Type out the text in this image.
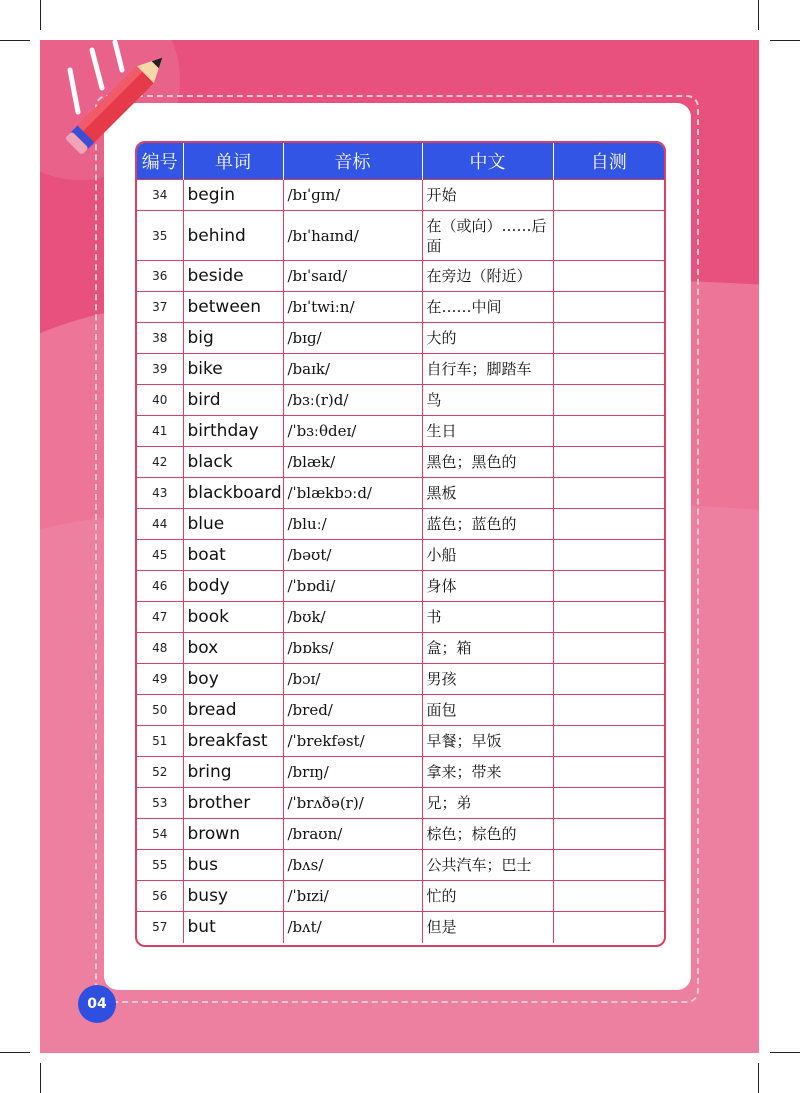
编号	单词	音标	中文	自测
34	begin	/bɪˈɡɪn/	开始	
35	behind	/bɪˈhaɪnd/	在（或向）……后面	
36	beside	/bɪˈsaɪd/	在旁边（附近）	
37	between	/bɪˈtwiːn/	在……中间	
38	big	/bɪɡ/	大的	
39	bike	/baɪk/	自行车；脚踏车	
40	bird	/bɜː(r)d/	鸟	
41	birthday	/ˈbɜːθdeɪ/	生日	
42	black	/blæk/	黑色；黑色的	
43	blackboard	/ˈblækbɔːd/	黑板	
44	blue	/bluː/	蓝色；蓝色的	
45	boat	/bəʊt/	小船	
46	body	/ˈbɒdi/	身体	
47	book	/bʊk/	书	
48	box	/bɒks/	盒；箱	
49	boy	/bɔɪ/	男孩	
50	bread	/bred/	面包	
51	breakfast	/ˈbrekfəst/	早餐；早饭	
52	bring	/brɪŋ/	拿来；带来	
53	brother	/ˈbrʌðə(r)/	兄；弟	
54	brown	/braʊn/	棕色；棕色的	
55	bus	/bʌs/	公共汽车；巴士	
56	busy	/ˈbɪzi/	忙的	
57	but	/bʌt/	但是	
04
